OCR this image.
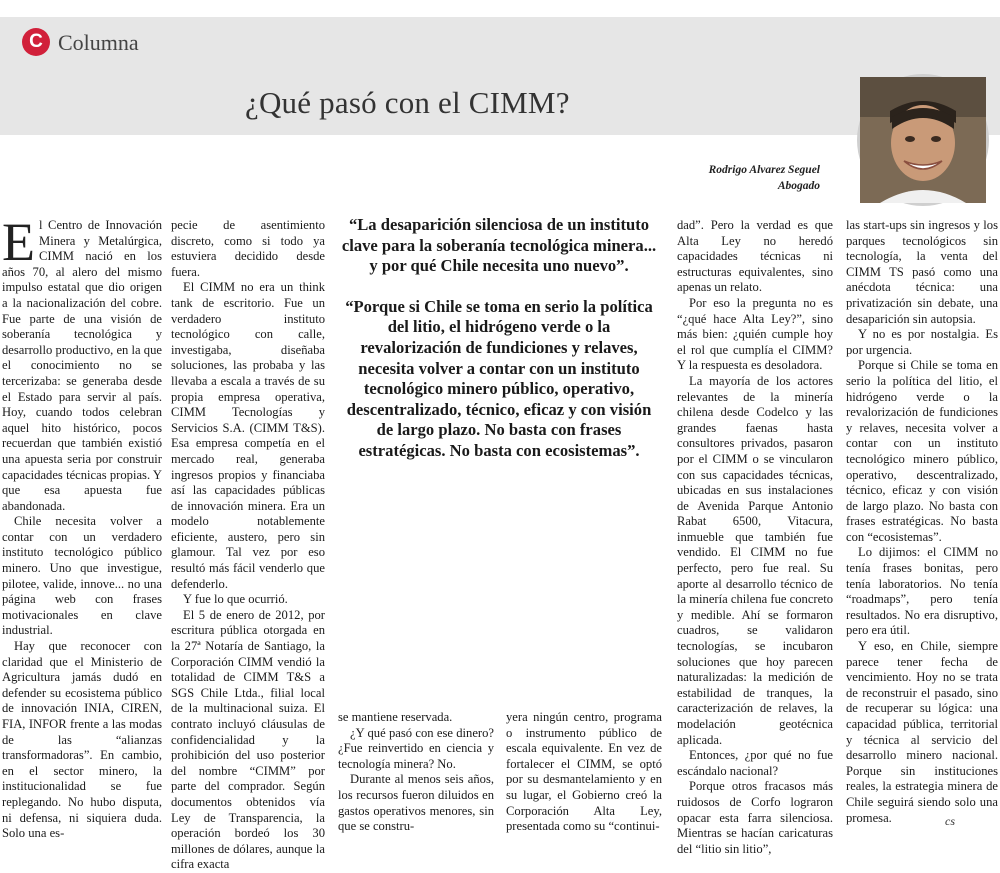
C Columna
¿Qué pasó con el CIMM?
Rodrigo Alvarez Seguel
Abogado

El Centro de Innovación Minera y Metalúrgica, CIMM nació en los años 70, al alero del mismo impulso estatal que dio origen a la nacionalización del cobre. Fue parte de una visión de soberanía tecnológica y desarrollo productivo, en la que el conocimiento no se tercerizaba: se generaba desde el Estado para servir al país. Hoy, cuando todos celebran aquel hito histórico, pocos recuerdan que también existió una apuesta seria por construir capacidades técnicas propias. Y que esa apuesta fue abandonada.

Chile necesita volver a contar con un verdadero instituto tecnológico público minero. Uno que investigue, pilotee, valide, innove... no una página web con frases motivacionales en clave industrial.

Hay que reconocer con claridad que el Ministerio de Agricultura jamás dudó en defender su ecosistema público de innovación INIA, CIREN, FIA, INFOR frente a las modas de las “alianzas transformadoras”. En cambio, en el sector minero, la institucionalidad se fue replegando. No hubo disputa, ni defensa, ni siquiera duda. Solo una es-

pecie de asentimiento discreto, como si todo ya estuviera decidido desde fuera.

El CIMM no era un think tank de escritorio. Fue un verdadero instituto tecnológico con calle, investigaba, diseñaba soluciones, las probaba y las llevaba a escala a través de su propia empresa operativa, CIMM Tecnologías y Servicios S.A. (CIMM T&S). Esa empresa competía en el mercado real, generaba ingresos propios y financiaba así las capacidades públicas de innovación minera. Era un modelo notablemente eficiente, austero, pero sin glamour. Tal vez por eso resultó más fácil venderlo que defenderlo.

Y fue lo que ocurrió.

El 5 de enero de 2012, por escritura pública otorgada en la 27ª Notaría de Santiago, la Corporación CIMM vendió la totalidad de CIMM T&S a SGS Chile Ltda., filial local de la multinacional suiza. El contrato incluyó cláusulas de confidencialidad y la prohibición del uso posterior del nombre “CIMM” por parte del comprador. Según documentos obtenidos vía Ley de Transparencia, la operación bordeó los 30 millones de dólares, aunque la cifra exacta

“La desaparición silenciosa de un instituto clave para la soberanía tecnológica minera... y por qué Chile necesita uno nuevo”.

“Porque si Chile se toma en serio la política del litio, el hidrógeno verde o la revalorización de fundiciones y relaves, necesita volver a contar con un instituto tecnológico minero público, operativo, descentralizado, técnico, eficaz y con visión de largo plazo. No basta con frases estratégicas. No basta con ecosistemas”.

se mantiene reservada.

¿Y qué pasó con ese dinero? ¿Fue reinvertido en ciencia y tecnología minera? No.

Durante al menos seis años, los recursos fueron diluidos en gastos operativos menores, sin que se constru-

yera ningún centro, programa o instrumento público de escala equivalente. En vez de fortalecer el CIMM, se optó por su desmantelamiento y en su lugar, el Gobierno creó la Corporación Alta Ley, presentada como su “continui-

dad”. Pero la verdad es que Alta Ley no heredó capacidades técnicas ni estructuras equivalentes, sino apenas un relato.

Por eso la pregunta no es “¿qué hace Alta Ley?”, sino más bien: ¿quién cumple hoy el rol que cumplía el CIMM? Y la respuesta es desoladora.

La mayoría de los actores relevantes de la minería chilena desde Codelco y las grandes faenas hasta consultores privados, pasaron por el CIMM o se vincularon con sus capacidades técnicas, ubicadas en sus instalaciones de Avenida Parque Antonio Rabat 6500, Vitacura, inmueble que también fue vendido. El CIMM no fue perfecto, pero fue real. Su aporte al desarrollo técnico de la minería chilena fue concreto y medible. Ahí se formaron cuadros, se validaron tecnologías, se incubaron soluciones que hoy parecen naturalizadas: la medición de estabilidad de tranques, la caracterización de relaves, la modelación geotécnica aplicada.

Entonces, ¿por qué no fue escándalo nacional?

Porque otros fracasos más ruidosos de Corfo lograron opacar esta farra silenciosa. Mientras se hacían caricaturas del “litio sin litio”,

las start-ups sin ingresos y los parques tecnológicos sin tecnología, la venta del CIMM TS pasó como una anécdota técnica: una privatización sin debate, una desaparición sin autopsia.

Y no es por nostalgia. Es por urgencia.

Porque si Chile se toma en serio la política del litio, el hidrógeno verde o la revalorización de fundiciones y relaves, necesita volver a contar con un instituto tecnológico minero público, operativo, descentralizado, técnico, eficaz y con visión de largo plazo. No basta con frases estratégicas. No basta con “ecosistemas”.

Lo dijimos: el CIMM no tenía frases bonitas, pero tenía laboratorios. No tenía “roadmaps”, pero tenía resultados. No era disruptivo, pero era útil.

Y eso, en Chile, siempre parece tener fecha de vencimiento. Hoy no se trata de reconstruir el pasado, sino de recuperar su lógica: una capacidad pública, territorial y técnica al servicio del desarrollo minero nacional. Porque sin instituciones reales, la estrategia minera de Chile seguirá siendo solo una promesa.	cs
